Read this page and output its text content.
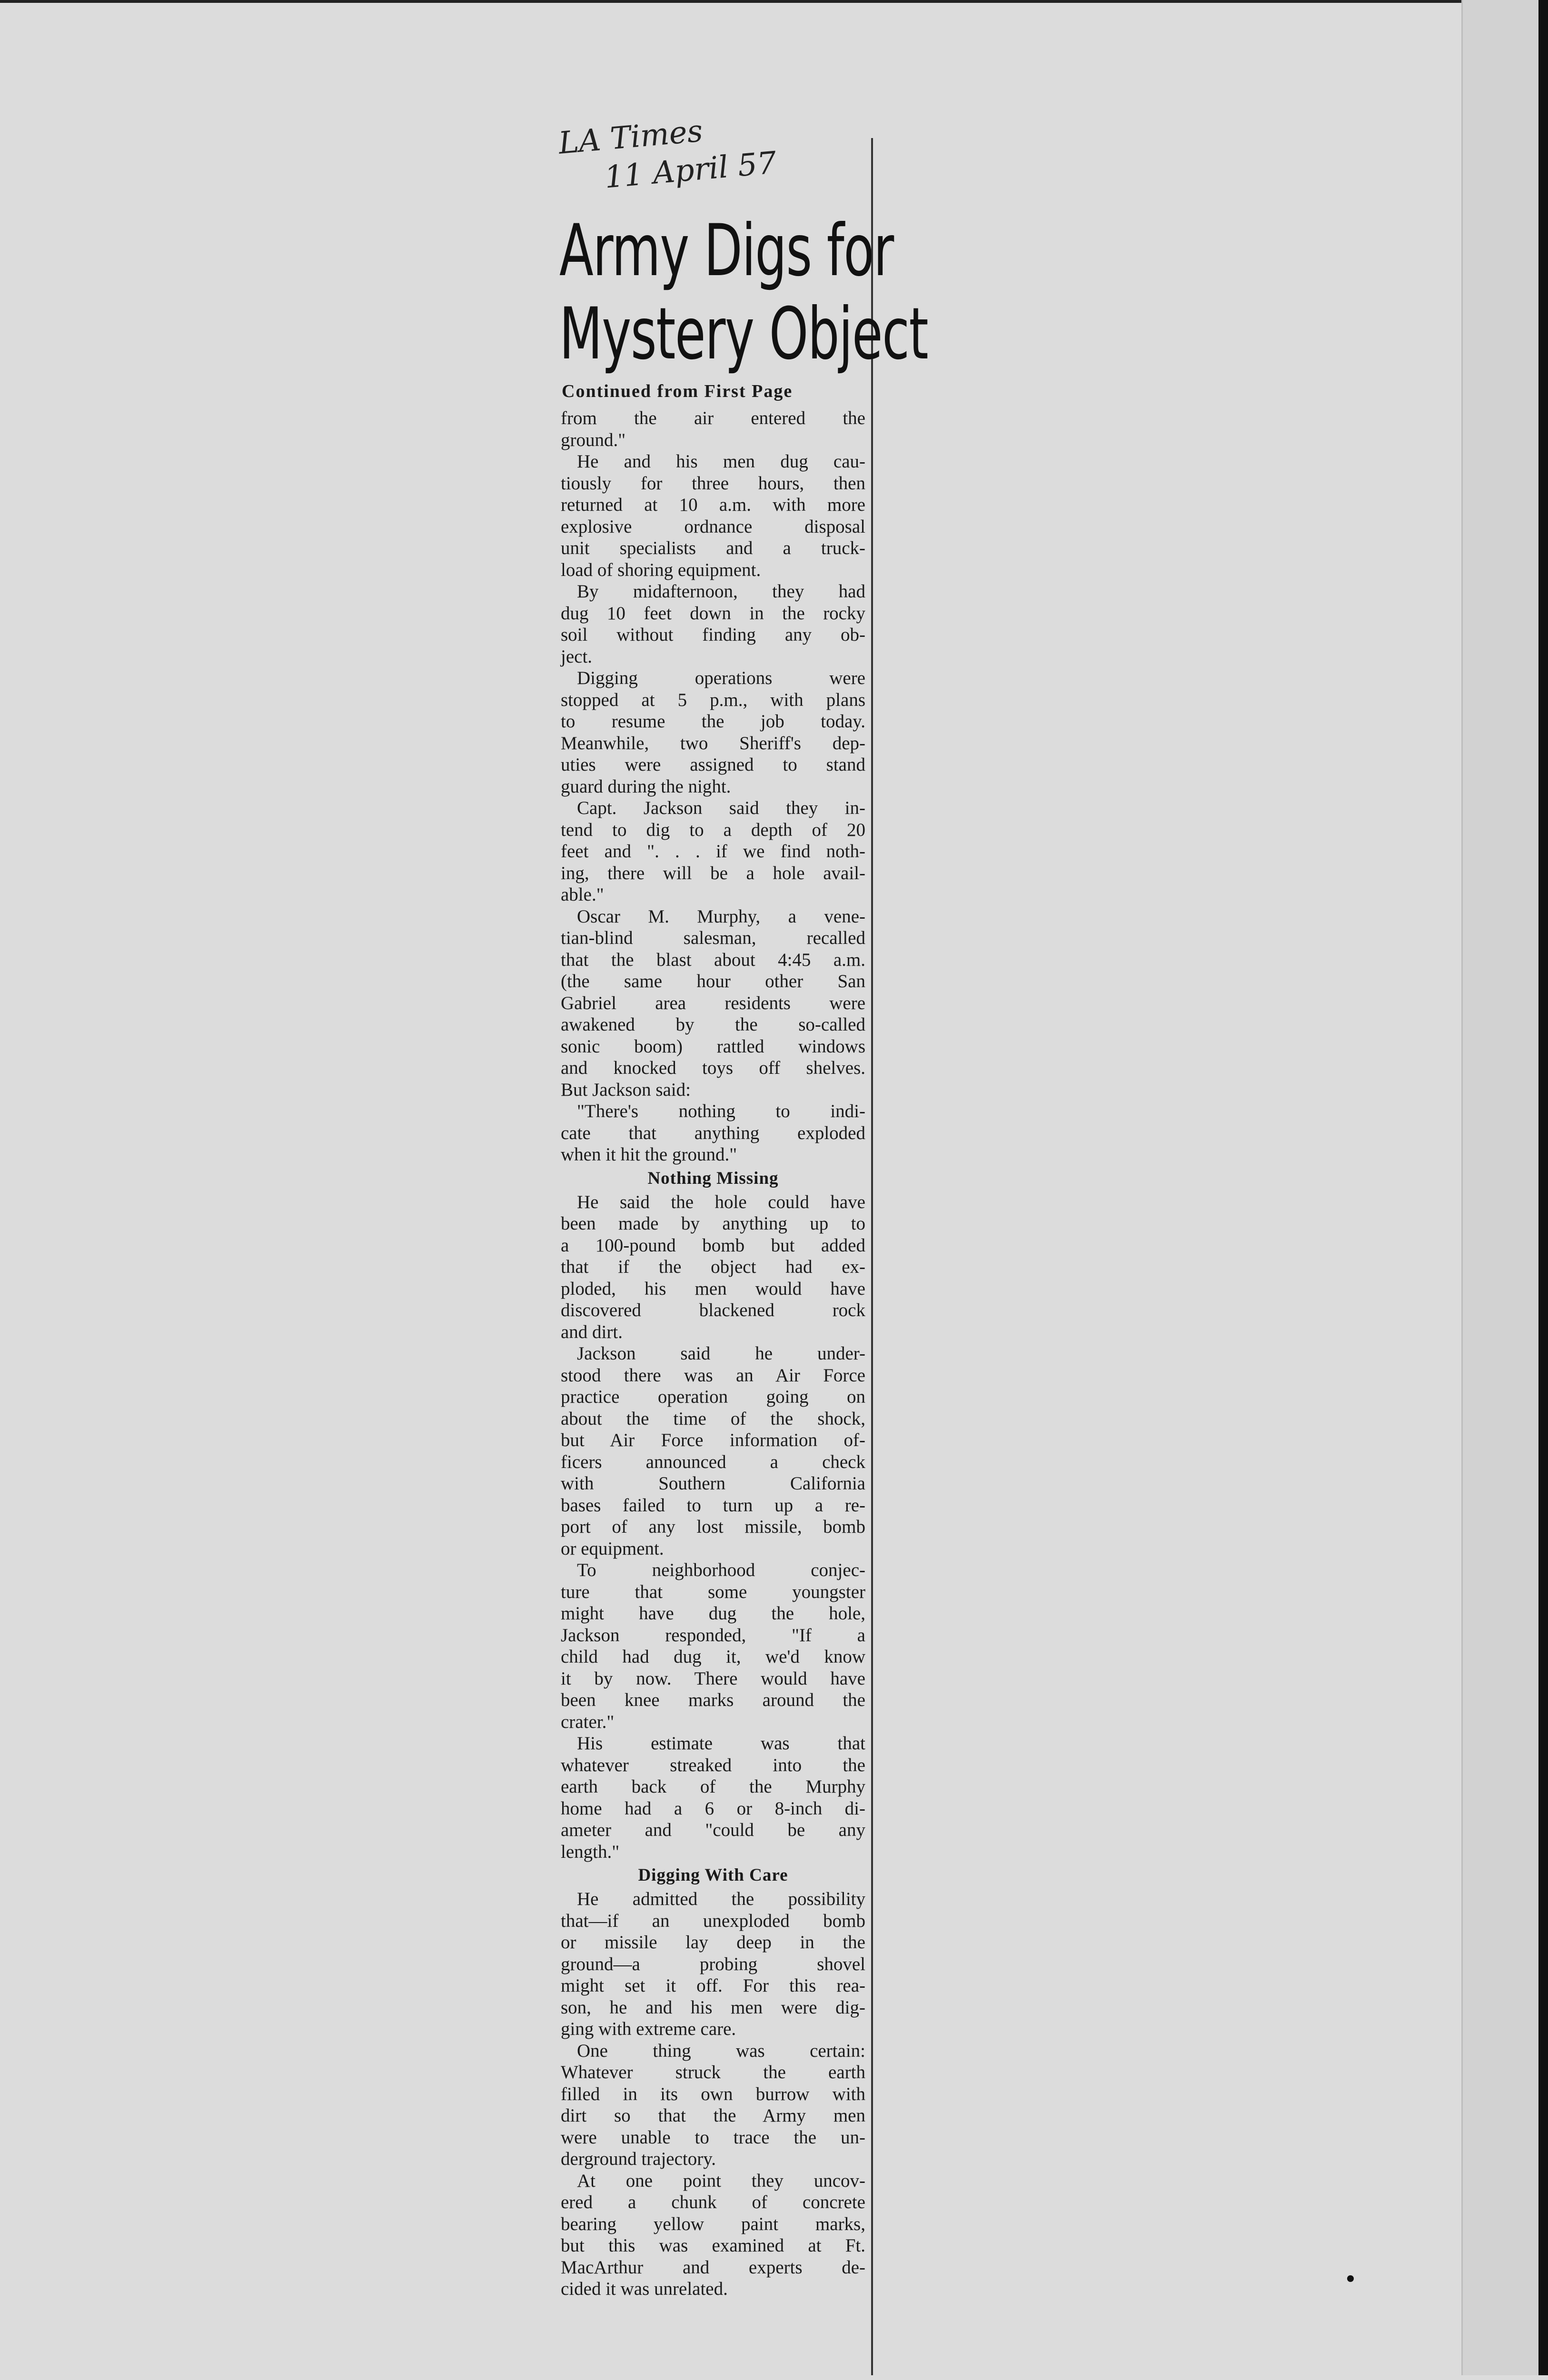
LA Times
11 April 57
Army Digs for
Mystery Object
Continued from First Page
from the air entered the
ground."
He and his men dug cau-
tiously for three hours, then
returned at 10 a.m. with more
explosive ordnance disposal
unit specialists and a truck-
load of shoring equipment.
By midafternoon, they had
dug 10 feet down in the rocky
soil without finding any ob-
ject.
Digging operations were
stopped at 5 p.m., with plans
to resume the job today.
Meanwhile, two Sheriff's dep-
uties were assigned to stand
guard during the night.
Capt. Jackson said they in-
tend to dig to a depth of 20
feet and ". . . if we find noth-
ing, there will be a hole avail-
able."
Oscar M. Murphy, a vene-
tian-blind salesman, recalled
that the blast about 4:45 a.m.
(the same hour other San
Gabriel area residents were
awakened by the so-called
sonic boom) rattled windows
and knocked toys off shelves.
But Jackson said:
"There's nothing to indi-
cate that anything exploded
when it hit the ground."
Nothing Missing
He said the hole could have
been made by anything up to
a 100-pound bomb but added
that if the object had ex-
ploded, his men would have
discovered blackened rock
and dirt.
Jackson said he under-
stood there was an Air Force
practice operation going on
about the time of the shock,
but Air Force information of-
ficers announced a check
with Southern California
bases failed to turn up a re-
port of any lost missile, bomb
or equipment.
To neighborhood conjec-
ture that some youngster
might have dug the hole,
Jackson responded, "If a
child had dug it, we'd know
it by now. There would have
been knee marks around the
crater."
His estimate was that
whatever streaked into the
earth back of the Murphy
home had a 6 or 8-inch di-
ameter and "could be any
length."
Digging With Care
He admitted the possibility
that—if an unexploded bomb
or missile lay deep in the
ground—a probing shovel
might set it off. For this rea-
son, he and his men were dig-
ging with extreme care.
One thing was certain:
Whatever struck the earth
filled in its own burrow with
dirt so that the Army men
were unable to trace the un-
derground trajectory.
At one point they uncov-
ered a chunk of concrete
bearing yellow paint marks,
but this was examined at Ft.
MacArthur and experts de-
cided it was unrelated.
